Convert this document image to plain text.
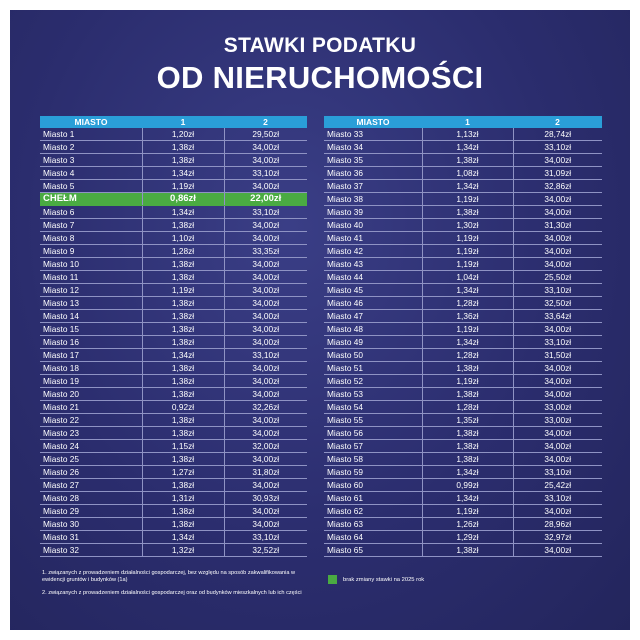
STAWKI PODATKU
OD NIERUCHOMOŚCI
MIASTO	1	2
Miasto 1	1,20zł	29,50zł
Miasto 2	1,38zł	34,00zł
Miasto 3	1,38zł	34,00zł
Miasto 4	1,34zł	33,10zł
Miasto 5	1,19zł	34,00zł
CHEŁM	0,86zł	22,00zł
Miasto 6	1,34zł	33,10zł
Miasto 7	1,38zł	34,00zł
Miasto 8	1,10zł	34,00zł
Miasto 9	1,28zł	33,35zł
Miasto 10	1,38zł	34,00zł
Miasto 11	1,38zł	34,00zł
Miasto 12	1,19zł	34,00zł
Miasto 13	1,38zł	34,00zł
Miasto 14	1,38zł	34,00zł
Miasto 15	1,38zł	34,00zł
Miasto 16	1,38zł	34,00zł
Miasto 17	1,34zł	33,10zł
Miasto 18	1,38zł	34,00zł
Miasto 19	1,38zł	34,00zł
Miasto 20	1,38zł	34,00zł
Miasto 21	0,92zł	32,26zł
Miasto 22	1,38zł	34,00zł
Miasto 23	1,38zł	34,00zł
Miasto 24	1,15zł	32,00zł
Miasto 25	1,38zł	34,00zł
Miasto 26	1,27zł	31,80zł
Miasto 27	1,38zł	34,00zł
Miasto 28	1,31zł	30,93zł
Miasto 29	1,38zł	34,00zł
Miasto 30	1,38zł	34,00zł
Miasto 31	1,34zł	33,10zł
Miasto 32	1,32zł	32,52zł
MIASTO	1	2
Miasto 33	1,13zł	28,74zł
Miasto 34	1,34zł	33,10zł
Miasto 35	1,38zł	34,00zł
Miasto 36	1,08zł	31,09zł
Miasto 37	1,34zł	32,86zł
Miasto 38	1,19zł	34,00zł
Miasto 39	1,38zł	34,00zł
Miasto 40	1,30zł	31,30zł
Miasto 41	1,19zł	34,00zł
Miasto 42	1,19zł	34,00zł
Miasto 43	1,19zł	34,00zł
Miasto 44	1,04zł	25,50zł
Miasto 45	1,34zł	33,10zł
Miasto 46	1,28zł	32,50zł
Miasto 47	1,36zł	33,64zł
Miasto 48	1,19zł	34,00zł
Miasto 49	1,34zł	33,10zł
Miasto 50	1,28zł	31,50zł
Miasto 51	1,38zł	34,00zł
Miasto 52	1,19zł	34,00zł
Miasto 53	1,38zł	34,00zł
Miasto 54	1,28zł	33,00zł
Miasto 55	1,35zł	33,00zł
Miasto 56	1,38zł	34,00zł
Miasto 57	1,38zł	34,00zł
Miasto 58	1,38zł	34,00zł
Miasto 59	1,34zł	33,10zł
Miasto 60	0,99zł	25,42zł
Miasto 61	1,34zł	33,10zł
Miasto 62	1,19zł	34,00zł
Miasto 63	1,26zł	28,96zł
Miasto 64	1,29zł	32,97zł
Miasto 65	1,38zł	34,00zł
1. związanych z prowadzeniem działalności gospodarczej, bez względu na sposób zakwalifikowania w ewidencji gruntów i budynków (1a)
2. związanych z prowadzeniem działalności gospodarczej oraz od budynków mieszkalnych lub ich części
brak zmiany stawki na 2025 rok
